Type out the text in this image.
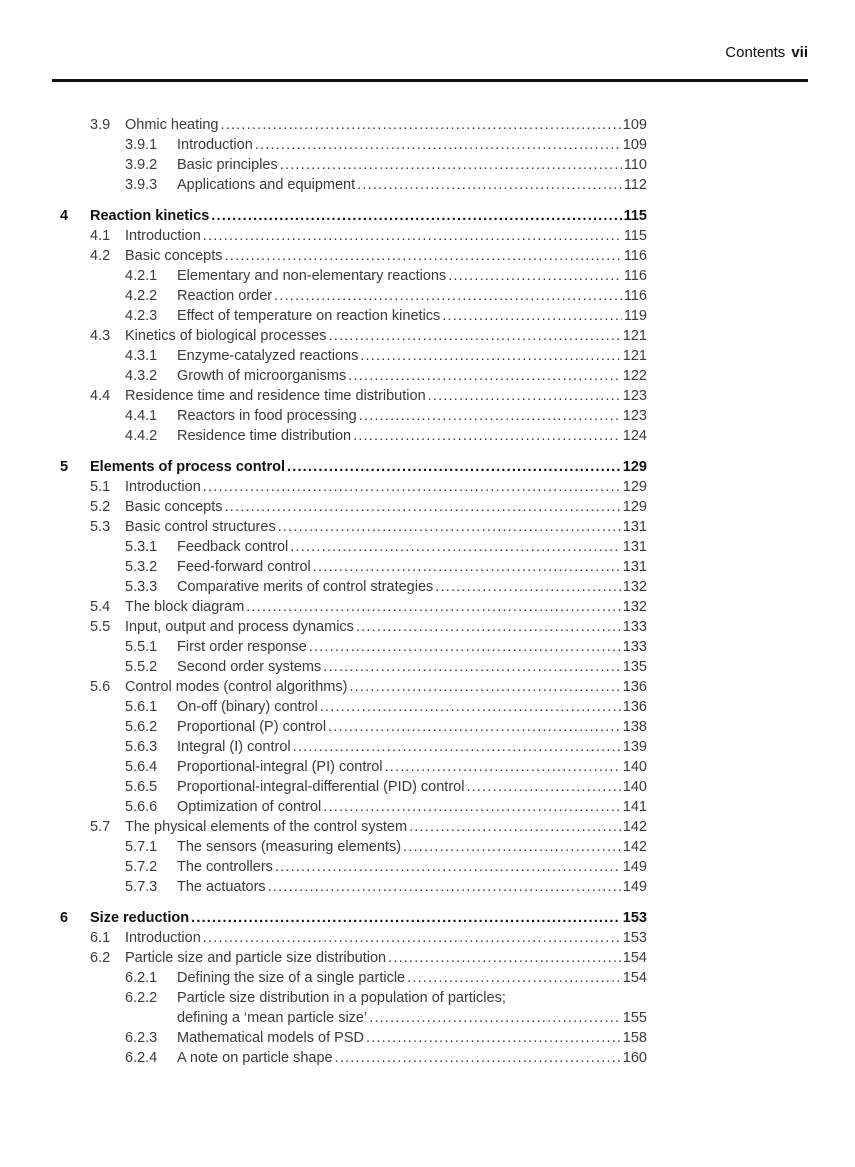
Contents vii
3.9 Ohmic heating .....	109
3.9.1 Introduction .....	109
3.9.2 Basic principles .....	110
3.9.3 Applications and equipment .....	112
4 Reaction kinetics .....	115
4.1 Introduction .....	115
4.2 Basic concepts .....	116
4.2.1 Elementary and non-elementary reactions .....	116
4.2.2 Reaction order .....	116
4.2.3 Effect of temperature on reaction kinetics .....	119
4.3 Kinetics of biological processes .....	121
4.3.1 Enzyme-catalyzed reactions .....	121
4.3.2 Growth of microorganisms .....	122
4.4 Residence time and residence time distribution .....	123
4.4.1 Reactors in food processing .....	123
4.4.2 Residence time distribution .....	124
5 Elements of process control .....	129
5.1 Introduction .....	129
5.2 Basic concepts .....	129
5.3 Basic control structures .....	131
5.3.1 Feedback control .....	131
5.3.2 Feed-forward control .....	131
5.3.3 Comparative merits of control strategies .....	132
5.4 The block diagram .....	132
5.5 Input, output and process dynamics .....	133
5.5.1 First order response .....	133
5.5.2 Second order systems .....	135
5.6 Control modes (control algorithms) .....	136
5.6.1 On-off (binary) control .....	136
5.6.2 Proportional (P) control .....	138
5.6.3 Integral (I) control .....	139
5.6.4 Proportional-integral (PI) control .....	140
5.6.5 Proportional-integral-differential (PID) control .....	140
5.6.6 Optimization of control .....	141
5.7 The physical elements of the control system .....	142
5.7.1 The sensors (measuring elements) .....	142
5.7.2 The controllers .....	149
5.7.3 The actuators .....	149
6 Size reduction .....	153
6.1 Introduction .....	153
6.2 Particle size and particle size distribution .....	154
6.2.1 Defining the size of a single particle .....	154
6.2.2 Particle size distribution in a population of particles;
defining a ‘mean particle size’ .....	155
6.2.3 Mathematical models of PSD .....	158
6.2.4 A note on particle shape .....	160
